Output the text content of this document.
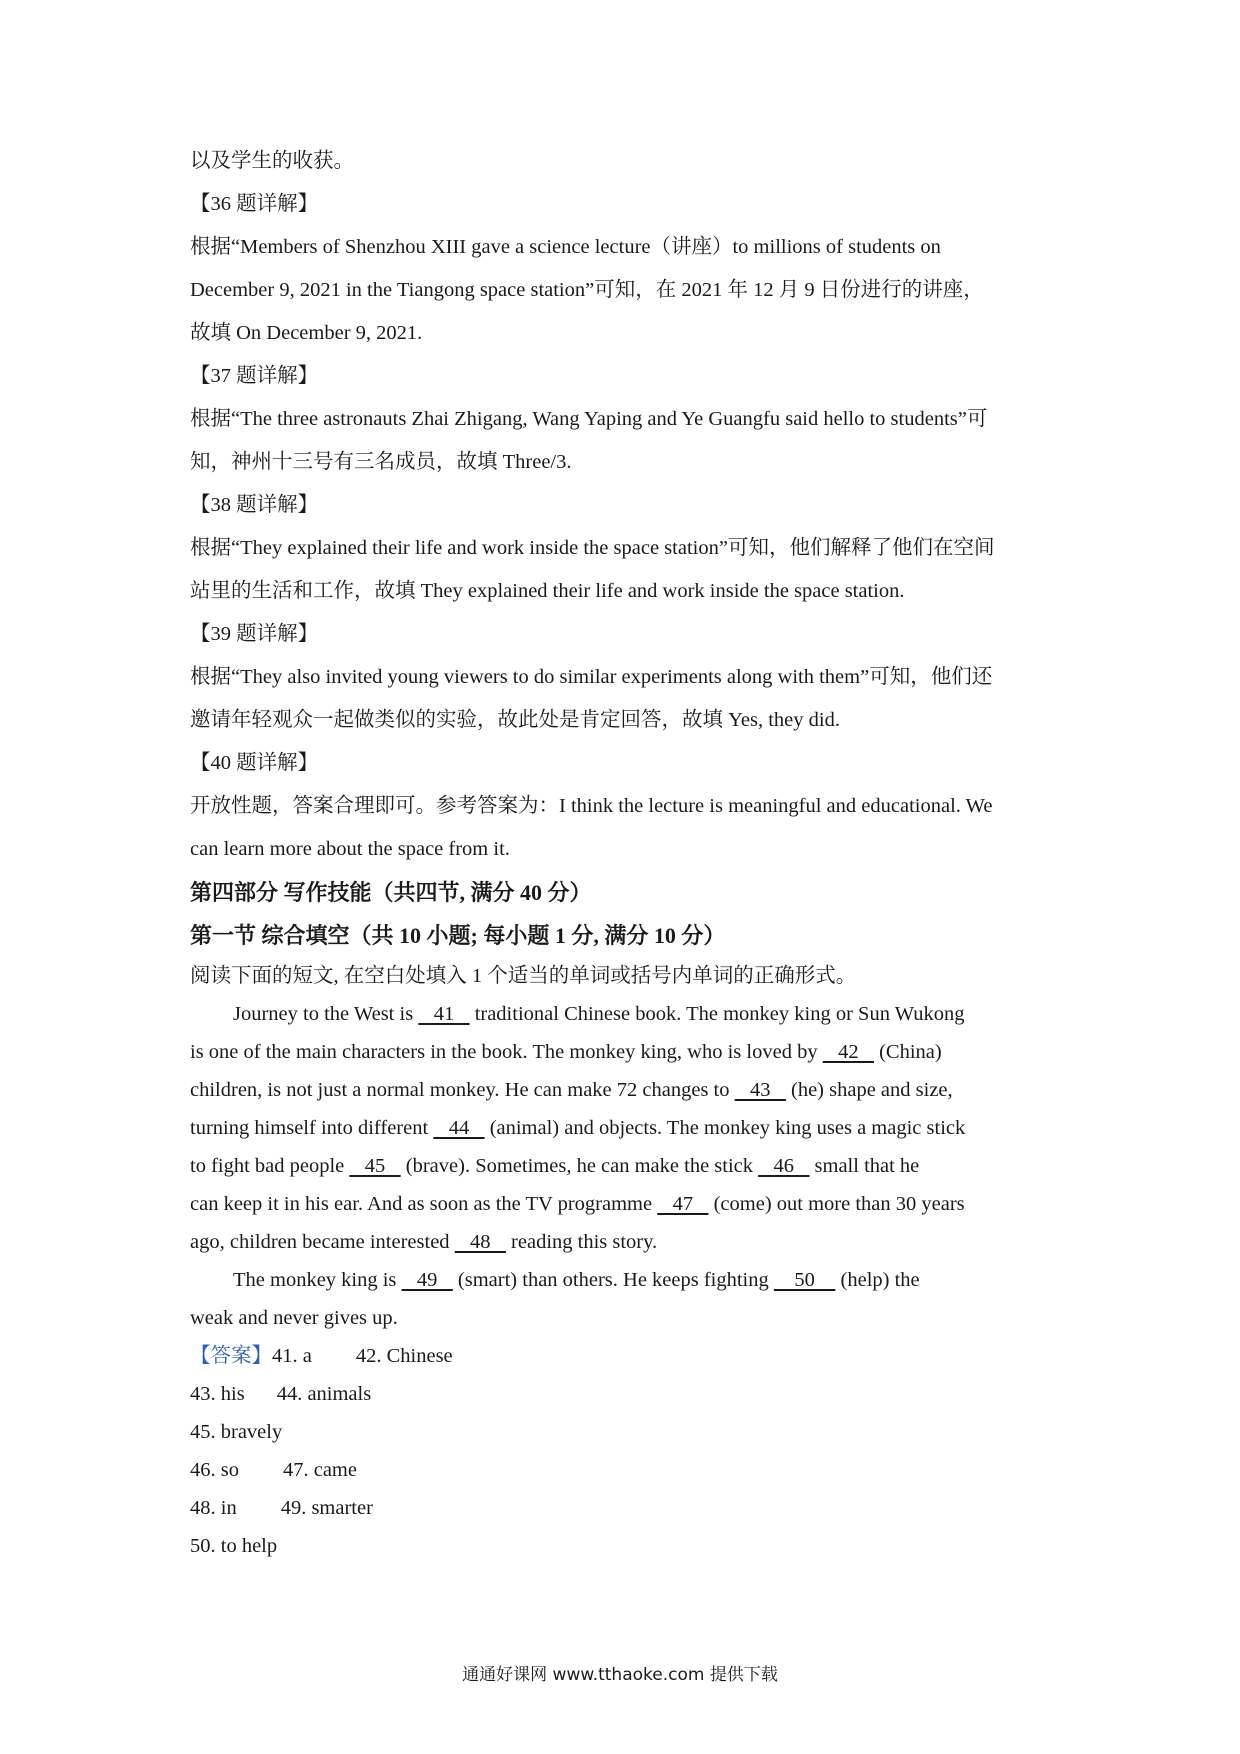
以及学生的收获。
【36 题详解】
根据“Members of Shenzhou XIII gave a science lecture（讲座）to millions of students on
December 9, 2021 in the Tiangong space station”可知，在 2021 年 12 月 9 日份进行的讲座，
故填 On December 9, 2021.
【37 题详解】
根据“The three astronauts Zhai Zhigang, Wang Yaping and Ye Guangfu said hello to students”可
知，神州十三号有三名成员，故填 Three/3.
【38 题详解】
根据“They explained their life and work inside the space station”可知，他们解释了他们在空间
站里的生活和工作，故填 They explained their life and work inside the space station.
【39 题详解】
根据“They also invited young viewers to do similar experiments along with them”可知，他们还
邀请年轻观众一起做类似的实验，故此处是肯定回答，故填 Yes, they did.
【40 题详解】
开放性题，答案合理即可。参考答案为：I think the lecture is meaningful and educational. We
can learn more about the space from it.
第四部分 写作技能（共四节, 满分 40 分）
第一节 综合填空（共 10 小题; 每小题 1 分, 满分 10 分）
阅读下面的短文, 在空白处填入 1 个适当的单词或括号内单词的正确形式。
Journey to the West is    41    traditional Chinese book. The monkey king or Sun Wukong
is one of the main characters in the book. The monkey king, who is loved by    42    (China)
children, is not just a normal monkey. He can make 72 changes to    43    (he) shape and size,
turning himself into different    44    (animal) and objects. The monkey king uses a magic stick
to fight bad people    45    (brave). Sometimes, he can make the stick    46    small that he
can keep it in his ear. And as soon as the TV programme    47    (come) out more than 30 years
ago, children became interested    48    reading this story.
The monkey king is    49    (smart) than others. He keeps fighting     50     (help) the
weak and never gives up.
【答案】41. a 42. Chinese
43. his 44. animals
45. bravely
46. so 47. came
48. in 49. smarter
50. to help
通通好课网 www.tthaoke.com 提供下载
